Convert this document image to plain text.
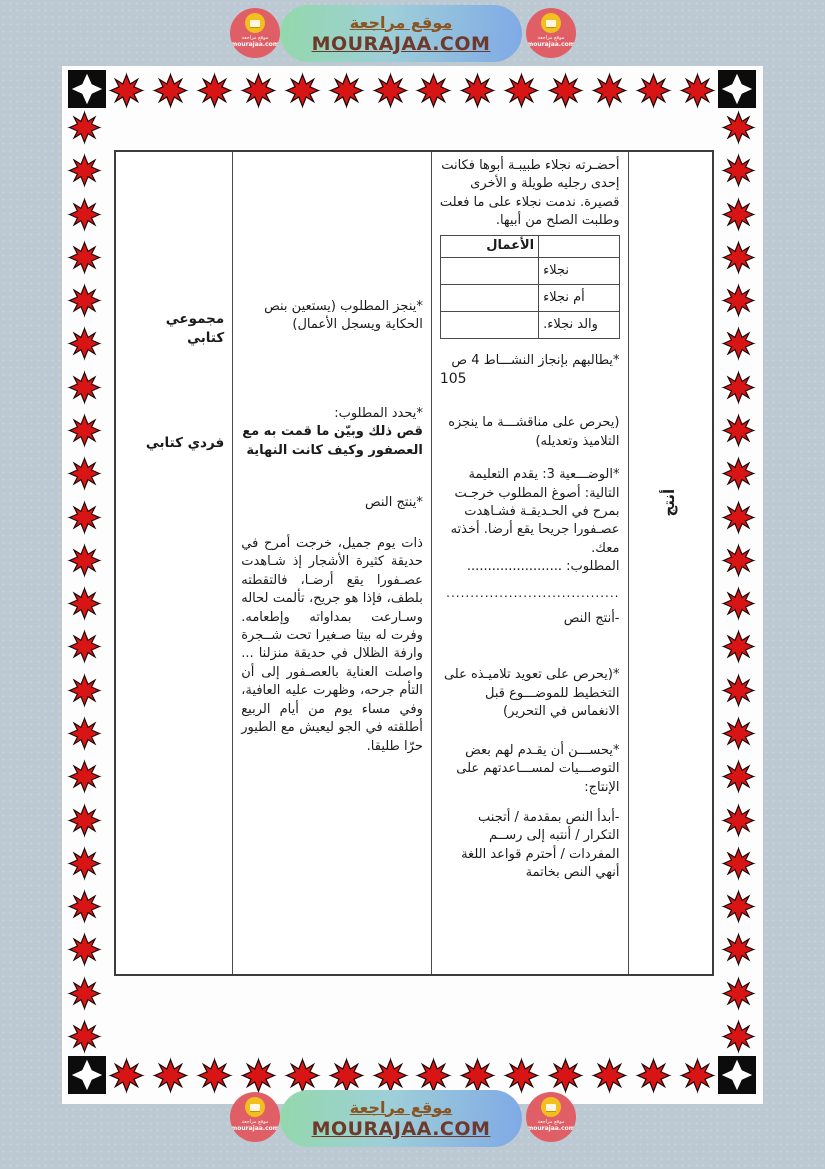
موقع مراجعة
MOURAJAA.COM
موقع مراجعة
mourajaa.com
موقع مراجعة
mourajaa.com
مجموعي كتابي
فردي كتابي

*ينجز المطلوب (يستعين بنص الحكاية ويسجل الأعمال)

*يحدد المطلوب:
قص ذلك وبيّن ما قمت به مع العصفور وكيف كانت النهاية

*ينتج النص

ذات يوم جميل، خرجت أمرح في حديقة كثيرة الأشجار إذ شـاهدت عصـفورا يقع أرضـا، فالتقطته بلطف، فإذا هو جريح، تألمت لحاله وسـارعت بمداواته وإطعامه. وفرت له بيتا صـغيرا تحت شــجرة وارفة الظلال في حديقة منزلنا ... واصلت العناية بالعصـفور إلى أن التأم جرحه، وظهرت عليه العافية، وفي مساء يوم من أيام الربيع أطلقته في الجو ليعيش مع الطيور حرّا طليقا.

أحضـرته نجلاء طبيبـة أبوها فكانت إحدى رجليه طويلة و الأخرى قصيرة. ندمت نجلاء على ما فعلت وطلبت الصلح من أبيها.

	الأعمال
نجلاء	
أم نجلاء	
والد نجلاء.	

*يطالبهم بإنجاز النشـــاط 4 ص
105

(يحرص على مناقشـــة ما ينجزه التلاميذ وتعديله)

*الوضـــعية 3: يقدم التعليمة التالية: أصوغ المطلوب خرجـت بمرح في الحـديقـة فشـاهدت عصـفورا جريحا يقع أرضا. أخذته معك.
المطلوب: .......................

....................................

-أنتج النص

*(يحرص على تعويد تلاميـذه على التخطيط للموضـــوع قبل الانغماس في التحرير)

*يحســـن أن يقـدم لهم بعض التوصـــيات لمســـاعدتهم على الإنتاج:

-أبدأ النص بمقدمة / أتجنب التكرار / أنتبه إلى رســم المفردات / أحترم قواعد اللغة
أنهي النص بخاتمة

أنتج
موقع مراجعة
MOURAJAA.COM
موقع مراجعة
mourajaa.com
موقع مراجعة
mourajaa.com
